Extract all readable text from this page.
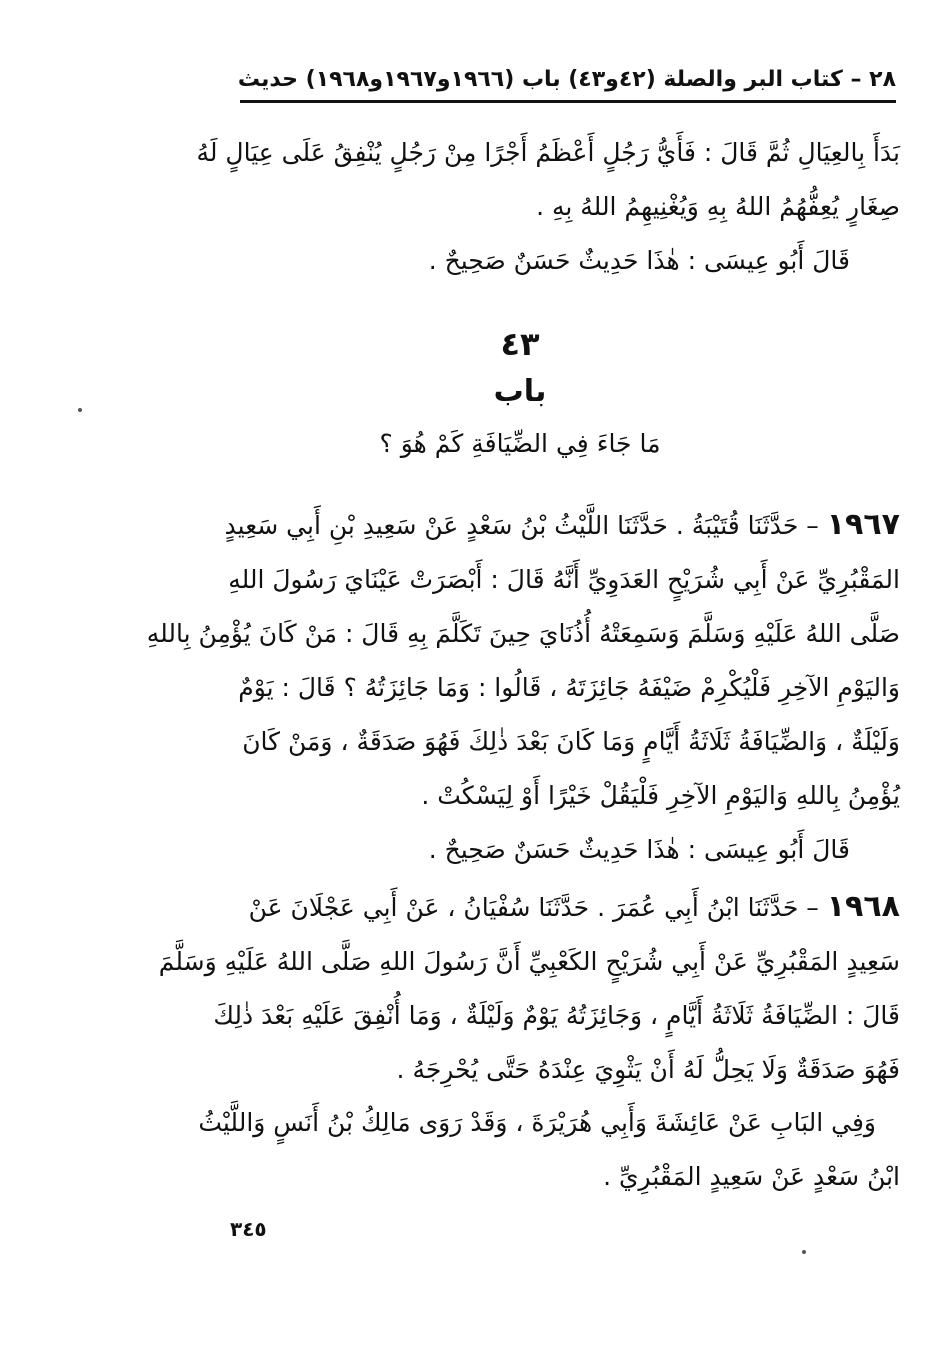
٢٨ – كتاب البر والصلة (٤٢و٤٣) باب (١٩٦٦و١٩٦٧و١٩٦٨) حديث
بَدَأَ بِالعِيَالِ ثُمَّ قَالَ : فَأَيُّ رَجُلٍ أَعْظَمُ أَجْرًا مِنْ رَجُلٍ يُنْفِقُ عَلَى عِيَالٍ لَهُ
صِغَارٍ يُعِفُّهُمُ اللهُ بِهِ وَيُغْنِيهِمُ اللهُ بِهِ .
قَالَ أَبُو عِيسَى : هٰذَا حَدِيثٌ حَسَنٌ صَحِيحٌ .
٤٣
باب
مَا جَاءَ فِي الضِّيَافَةِ كَمْ هُوَ ؟
١٩٦٧ – حَدَّثَنَا قُتَيْبَةُ . حَدَّثَنَا اللَّيْثُ بْنُ سَعْدٍ عَنْ سَعِيدِ بْنِ أَبِي سَعِيدٍ
المَقْبُرِيِّ عَنْ أَبِي شُرَيْحٍ العَدَوِيِّ أَنَّهُ قَالَ : أَبْصَرَتْ عَيْنَايَ رَسُولَ اللهِ
صَلَّى اللهُ عَلَيْهِ وَسَلَّمَ وَسَمِعَتْهُ أُذُنَايَ حِينَ تَكَلَّمَ بِهِ قَالَ : مَنْ كَانَ يُؤْمِنُ بِاللهِ
وَاليَوْمِ الآخِرِ فَلْيُكْرِمْ ضَيْفَهُ جَائِزَتَهُ ، قَالُوا : وَمَا جَائِزَتُهُ ؟ قَالَ : يَوْمٌ
وَلَيْلَةٌ ، وَالضِّيَافَةُ ثَلَاثَةُ أَيَّامٍ وَمَا كَانَ بَعْدَ ذٰلِكَ فَهُوَ صَدَقَةٌ ، وَمَنْ كَانَ
يُؤْمِنُ بِاللهِ وَاليَوْمِ الآخِرِ فَلْيَقُلْ خَيْرًا أَوْ لِيَسْكُتْ .
قَالَ أَبُو عِيسَى : هٰذَا حَدِيثٌ حَسَنٌ صَحِيحٌ .
١٩٦٨ – حَدَّثَنَا ابْنُ أَبِي عُمَرَ . حَدَّثَنَا سُفْيَانُ ، عَنْ أَبِي عَجْلَانَ عَنْ
سَعِيدٍ المَقْبُرِيِّ عَنْ أَبِي شُرَيْحٍ الكَعْبِيِّ أَنَّ رَسُولَ اللهِ صَلَّى اللهُ عَلَيْهِ وَسَلَّمَ
قَالَ : الضِّيَافَةُ ثَلَاثَةُ أَيَّامٍ ، وَجَائِزَتُهُ يَوْمٌ وَلَيْلَةٌ ، وَمَا أُنْفِقَ عَلَيْهِ بَعْدَ ذٰلِكَ
فَهُوَ صَدَقَةٌ وَلَا يَحِلُّ لَهُ أَنْ يَثْوِيَ عِنْدَهُ حَتَّى يُحْرِجَهُ .
وَفِي البَابِ عَنْ عَائِشَةَ وَأَبِي هُرَيْرَةَ ، وَقَدْ رَوَى مَالِكُ بْنُ أَنَسٍ وَاللَّيْثُ
ابْنُ سَعْدٍ عَنْ سَعِيدٍ المَقْبُرِيِّ .
٣٤٥
